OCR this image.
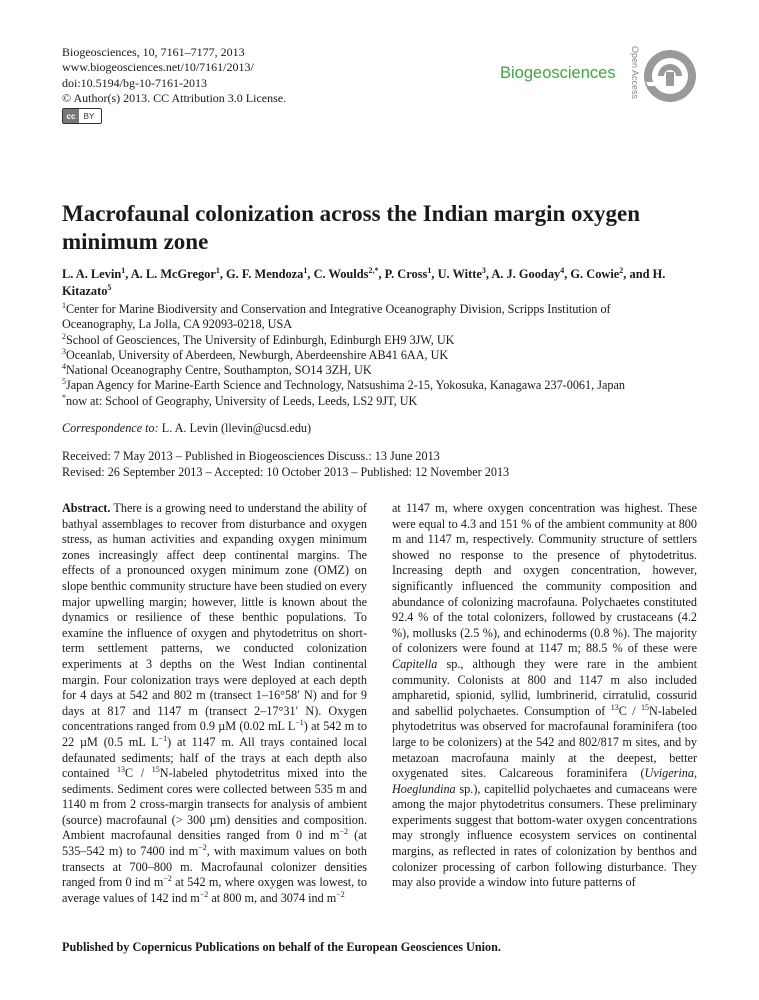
Biogeosciences, 10, 7161–7177, 2013
www.biogeosciences.net/10/7161/2013/
doi:10.5194/bg-10-7161-2013
© Author(s) 2013. CC Attribution 3.0 License.
cc	BY
Biogeosciences Open Access
Macrofaunal colonization across the Indian margin oxygen minimum zone
L. A. Levin$^1$, A. L. McGregor$^1$, G. F. Mendoza$^1$, C. Woulds$^{2,*}$, P. Cross$^1$, U. Witte$^3$, A. J. Gooday$^4$, G. Cowie$^2$, and H. Kitazato$^5$
$^1$Center for Marine Biodiversity and Conservation and Integrative Oceanography Division, Scripps Institution of
Oceanography, La Jolla, CA 92093-0218, USA
$^2$School of Geosciences, The University of Edinburgh, Edinburgh EH9 3JW, UK
$^3$Oceanlab, University of Aberdeen, Newburgh, Aberdeenshire AB41 6AA, UK
$^4$National Oceanography Centre, Southampton, SO14 3ZH, UK
$^5$Japan Agency for Marine-Earth Science and Technology, Natsushima 2-15, Yokosuka, Kanagawa 237-0061, Japan
*now at: School of Geography, University of Leeds, Leeds, LS2 9JT, UK
Correspondence to: L. A. Levin (llevin@ucsd.edu)
Received: 7 May 2013 – Published in Biogeosciences Discuss.: 13 June 2013
Revised: 26 September 2013 – Accepted: 10 October 2013 – Published: 12 November 2013
Abstract. There is a growing need to understand the ability of bathyal assemblages to recover from disturbance and oxygen stress, as human activities and expanding oxygen minimum zones increasingly affect deep continental margins. The effects of a pronounced oxygen minimum zone (OMZ) on slope benthic community structure have been studied on every major upwelling margin; however, little is known about the dynamics or resilience of these benthic populations. To examine the influence of oxygen and phytodetritus on short-term settlement patterns, we conducted colonization experiments at 3 depths on the West Indian continental margin. Four colonization trays were deployed at each depth for 4 days at 542 and 802 m (transect 1–16°58′ N) and for 9 days at 817 and 1147 m (transect 2–17°31′ N). Oxygen concentrations ranged from 0.9 µM (0.02 mL $L^{-1}$) at 542 m to 22 µM (0.5 mL $L^{-1}$) at 1147 m. All trays contained local defaunated sediments; half of the trays at each depth also contained $^{13}$C / $^{15}$N-labeled phytodetritus mixed into the sediments. Sediment cores were collected between 535 m and 1140 m from 2 cross-margin transects for analysis of ambient (source) macrofaunal (> 300 µm) densities and composition. Ambient macrofaunal densities ranged from 0 ind $m^{-2}$ (at 535–542 m) to 7400 ind $m^{-2}$, with maximum values on both transects at 700–800 m. Macrofaunal colonizer densities ranged from 0 ind $m^{-2}$ at 542 m, where oxygen was lowest, to average values of 142 ind $m^{-2}$ at 800 m, and 3074 ind $m^{-2}$
at 1147 m, where oxygen concentration was highest. These were equal to 4.3 and 151 % of the ambient community at 800 m and 1147 m, respectively. Community structure of settlers showed no response to the presence of phytodetritus. Increasing depth and oxygen concentration, however, significantly influenced the community composition and abundance of colonizing macrofauna. Polychaetes constituted 92.4 % of the total colonizers, followed by crustaceans (4.2 %), mollusks (2.5 %), and echinoderms (0.8 %). The majority of colonizers were found at 1147 m; 88.5 % of these were Capitella sp., although they were rare in the ambient community. Colonists at 800 and 1147 m also included ampharetid, spionid, syllid, lumbrinerid, cirratulid, cossurid and sabellid polychaetes. Consumption of $^{13}$C / $^{15}$N-labeled phytodetritus was observed for macrofaunal foraminifera (too large to be colonizers) at the 542 and 802/817 m sites, and by metazoan macrofauna mainly at the deepest, better oxygenated sites. Calcareous foraminifera (Uvigerina, Hoeglundina sp.), capitellid polychaetes and cumaceans were among the major phytodetritus consumers. These preliminary experiments suggest that bottom-water oxygen concentrations may strongly influence ecosystem services on continental margins, as reflected in rates of colonization by benthos and colonizer processing of carbon following disturbance. They may also provide a window into future patterns of
Published by Copernicus Publications on behalf of the European Geosciences Union.
